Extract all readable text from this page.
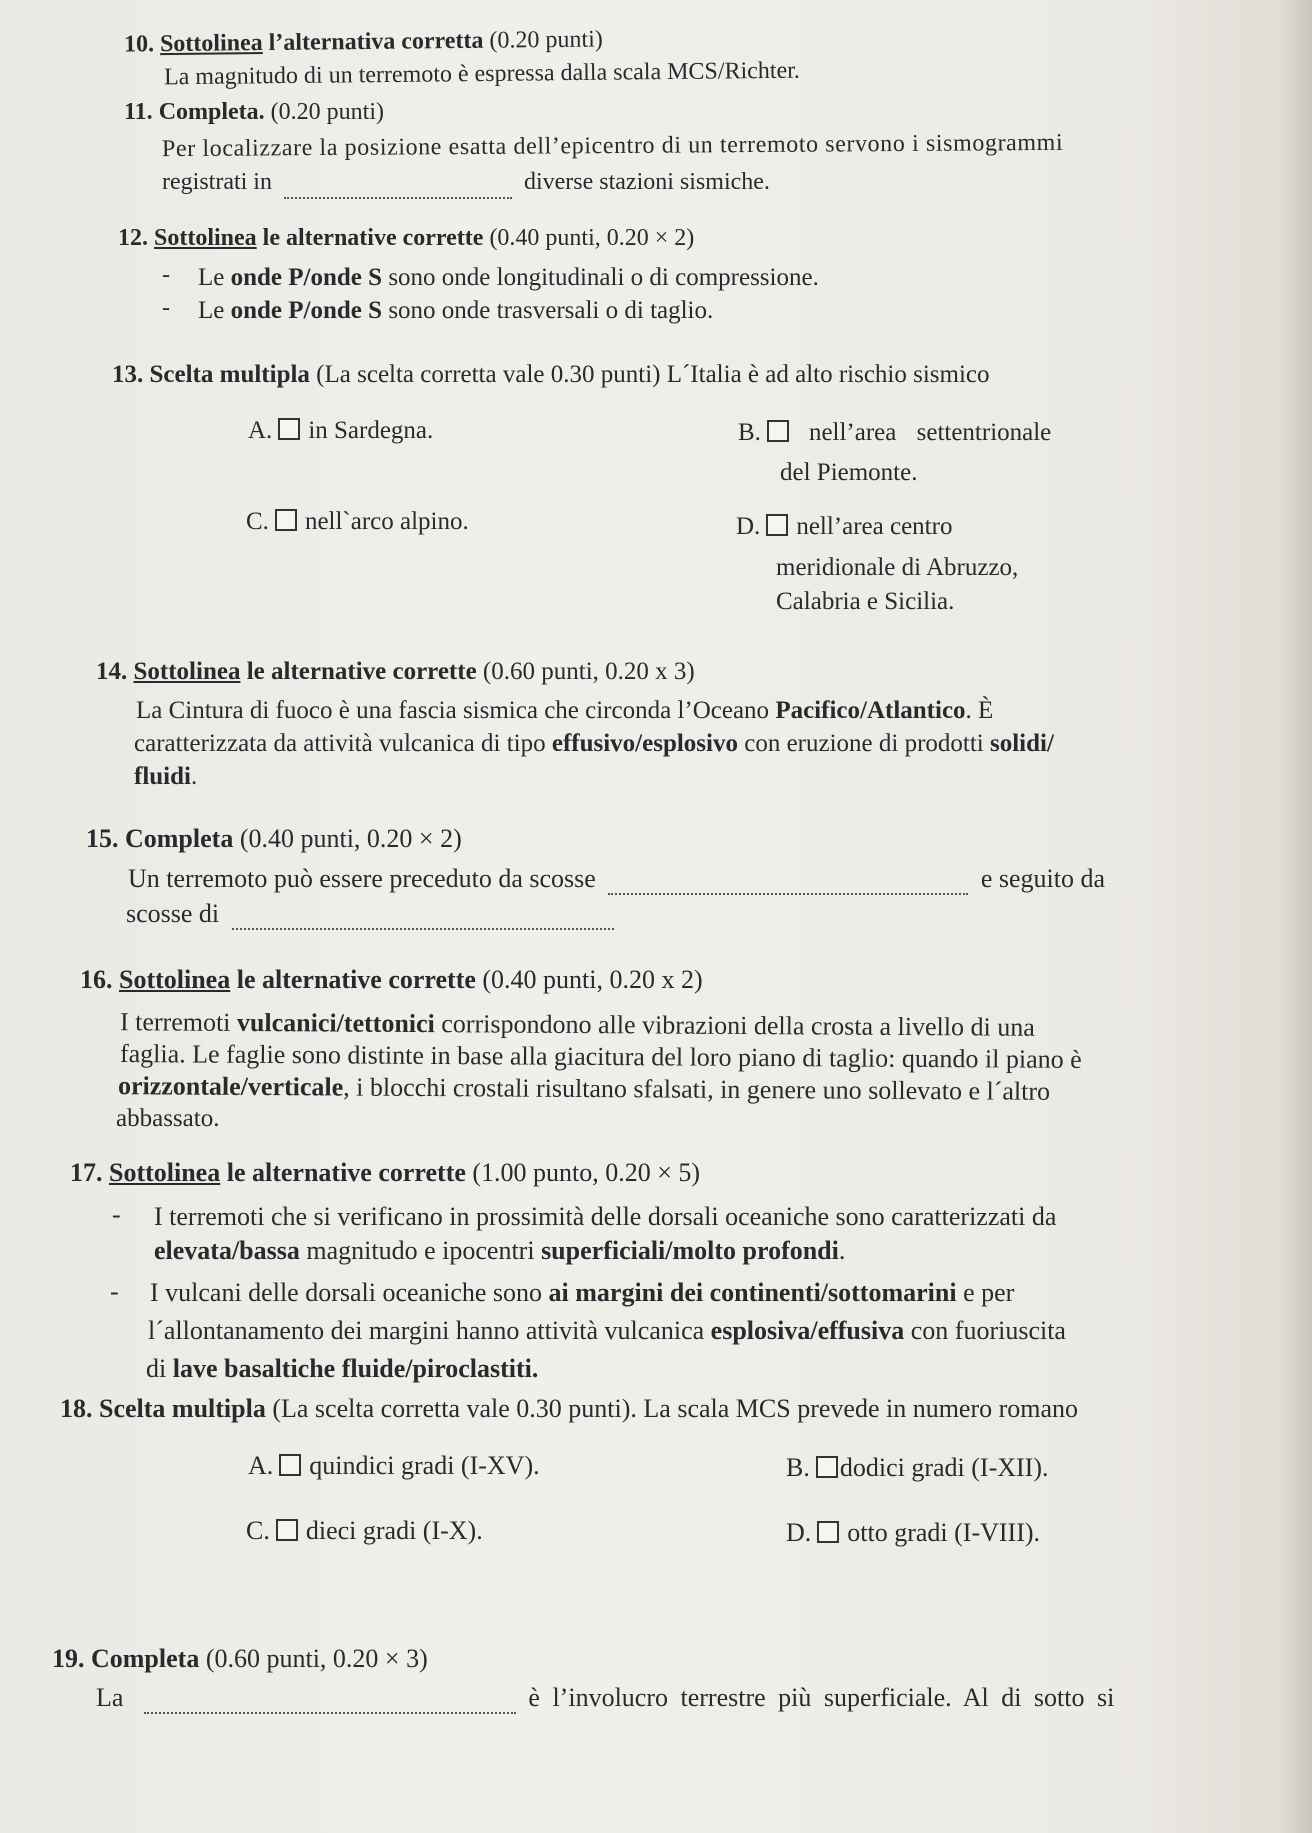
10. Sottolinea l’alternativa corretta (0.20 punti)
La magnitudo di un terremoto è espressa dalla scala MCS/Richter.
11. Completa. (0.20 punti)
Per localizzare la posizione esatta dell’epicentro di un terremoto servono i sismogrammi
registrati in	diverse stazioni sismiche.
12. Sottolinea le alternative corrette (0.40 punti, 0.20 × 2)
- Le onde P/onde S sono onde longitudinali o di compressione.
- Le onde P/onde S sono onde trasversali o di taglio.
13. Scelta multipla (La scelta corretta vale 0.30 punti) L´Italia è ad alto rischio sismico
A. in Sardegna.	B. nell’area settentrionale
del Piemonte.
C. nell`arco alpino.	D. nell’area centro
meridionale di Abruzzo,
Calabria e Sicilia.
14. Sottolinea le alternative corrette (0.60 punti, 0.20 x 3)
La Cintura di fuoco è una fascia sismica che circonda l’Oceano Pacifico/Atlantico. È
caratterizzata da attività vulcanica di tipo effusivo/esplosivo con eruzione di prodotti solidi/
fluidi.
15. Completa (0.40 punti, 0.20 × 2)
Un terremoto può essere preceduto da scosse	e seguito da
scosse di
16. Sottolinea le alternative corrette (0.40 punti, 0.20 x 2)
I terremoti vulcanici/tettonici corrispondono alle vibrazioni della crosta a livello di una
faglia. Le faglie sono distinte in base alla giacitura del loro piano di taglio: quando il piano è
orizzontale/verticale, i blocchi crostali risultano sfalsati, in genere uno sollevato e l´altro
abbassato.
17. Sottolinea le alternative corrette (1.00 punto, 0.20 × 5)
- I terremoti che si verificano in prossimità delle dorsali oceaniche sono caratterizzati da
elevata/bassa magnitudo e ipocentri superficiali/molto profondi.
- I vulcani delle dorsali oceaniche sono ai margini dei continenti/sottomarini e per
l´allontanamento dei margini hanno attività vulcanica esplosiva/effusiva con fuoriuscita
di lave basaltiche fluide/piroclastiti.
18. Scelta multipla (La scelta corretta vale 0.30 punti). La scala MCS prevede in numero romano
A. quindici gradi (I-XV).	B. dodici gradi (I-XII).
C. dieci gradi (I-X).	D. otto gradi (I-VIII).
19. Completa (0.60 punti, 0.20 × 3)
La	è l’involucro terrestre più superficiale. Al di sotto si
